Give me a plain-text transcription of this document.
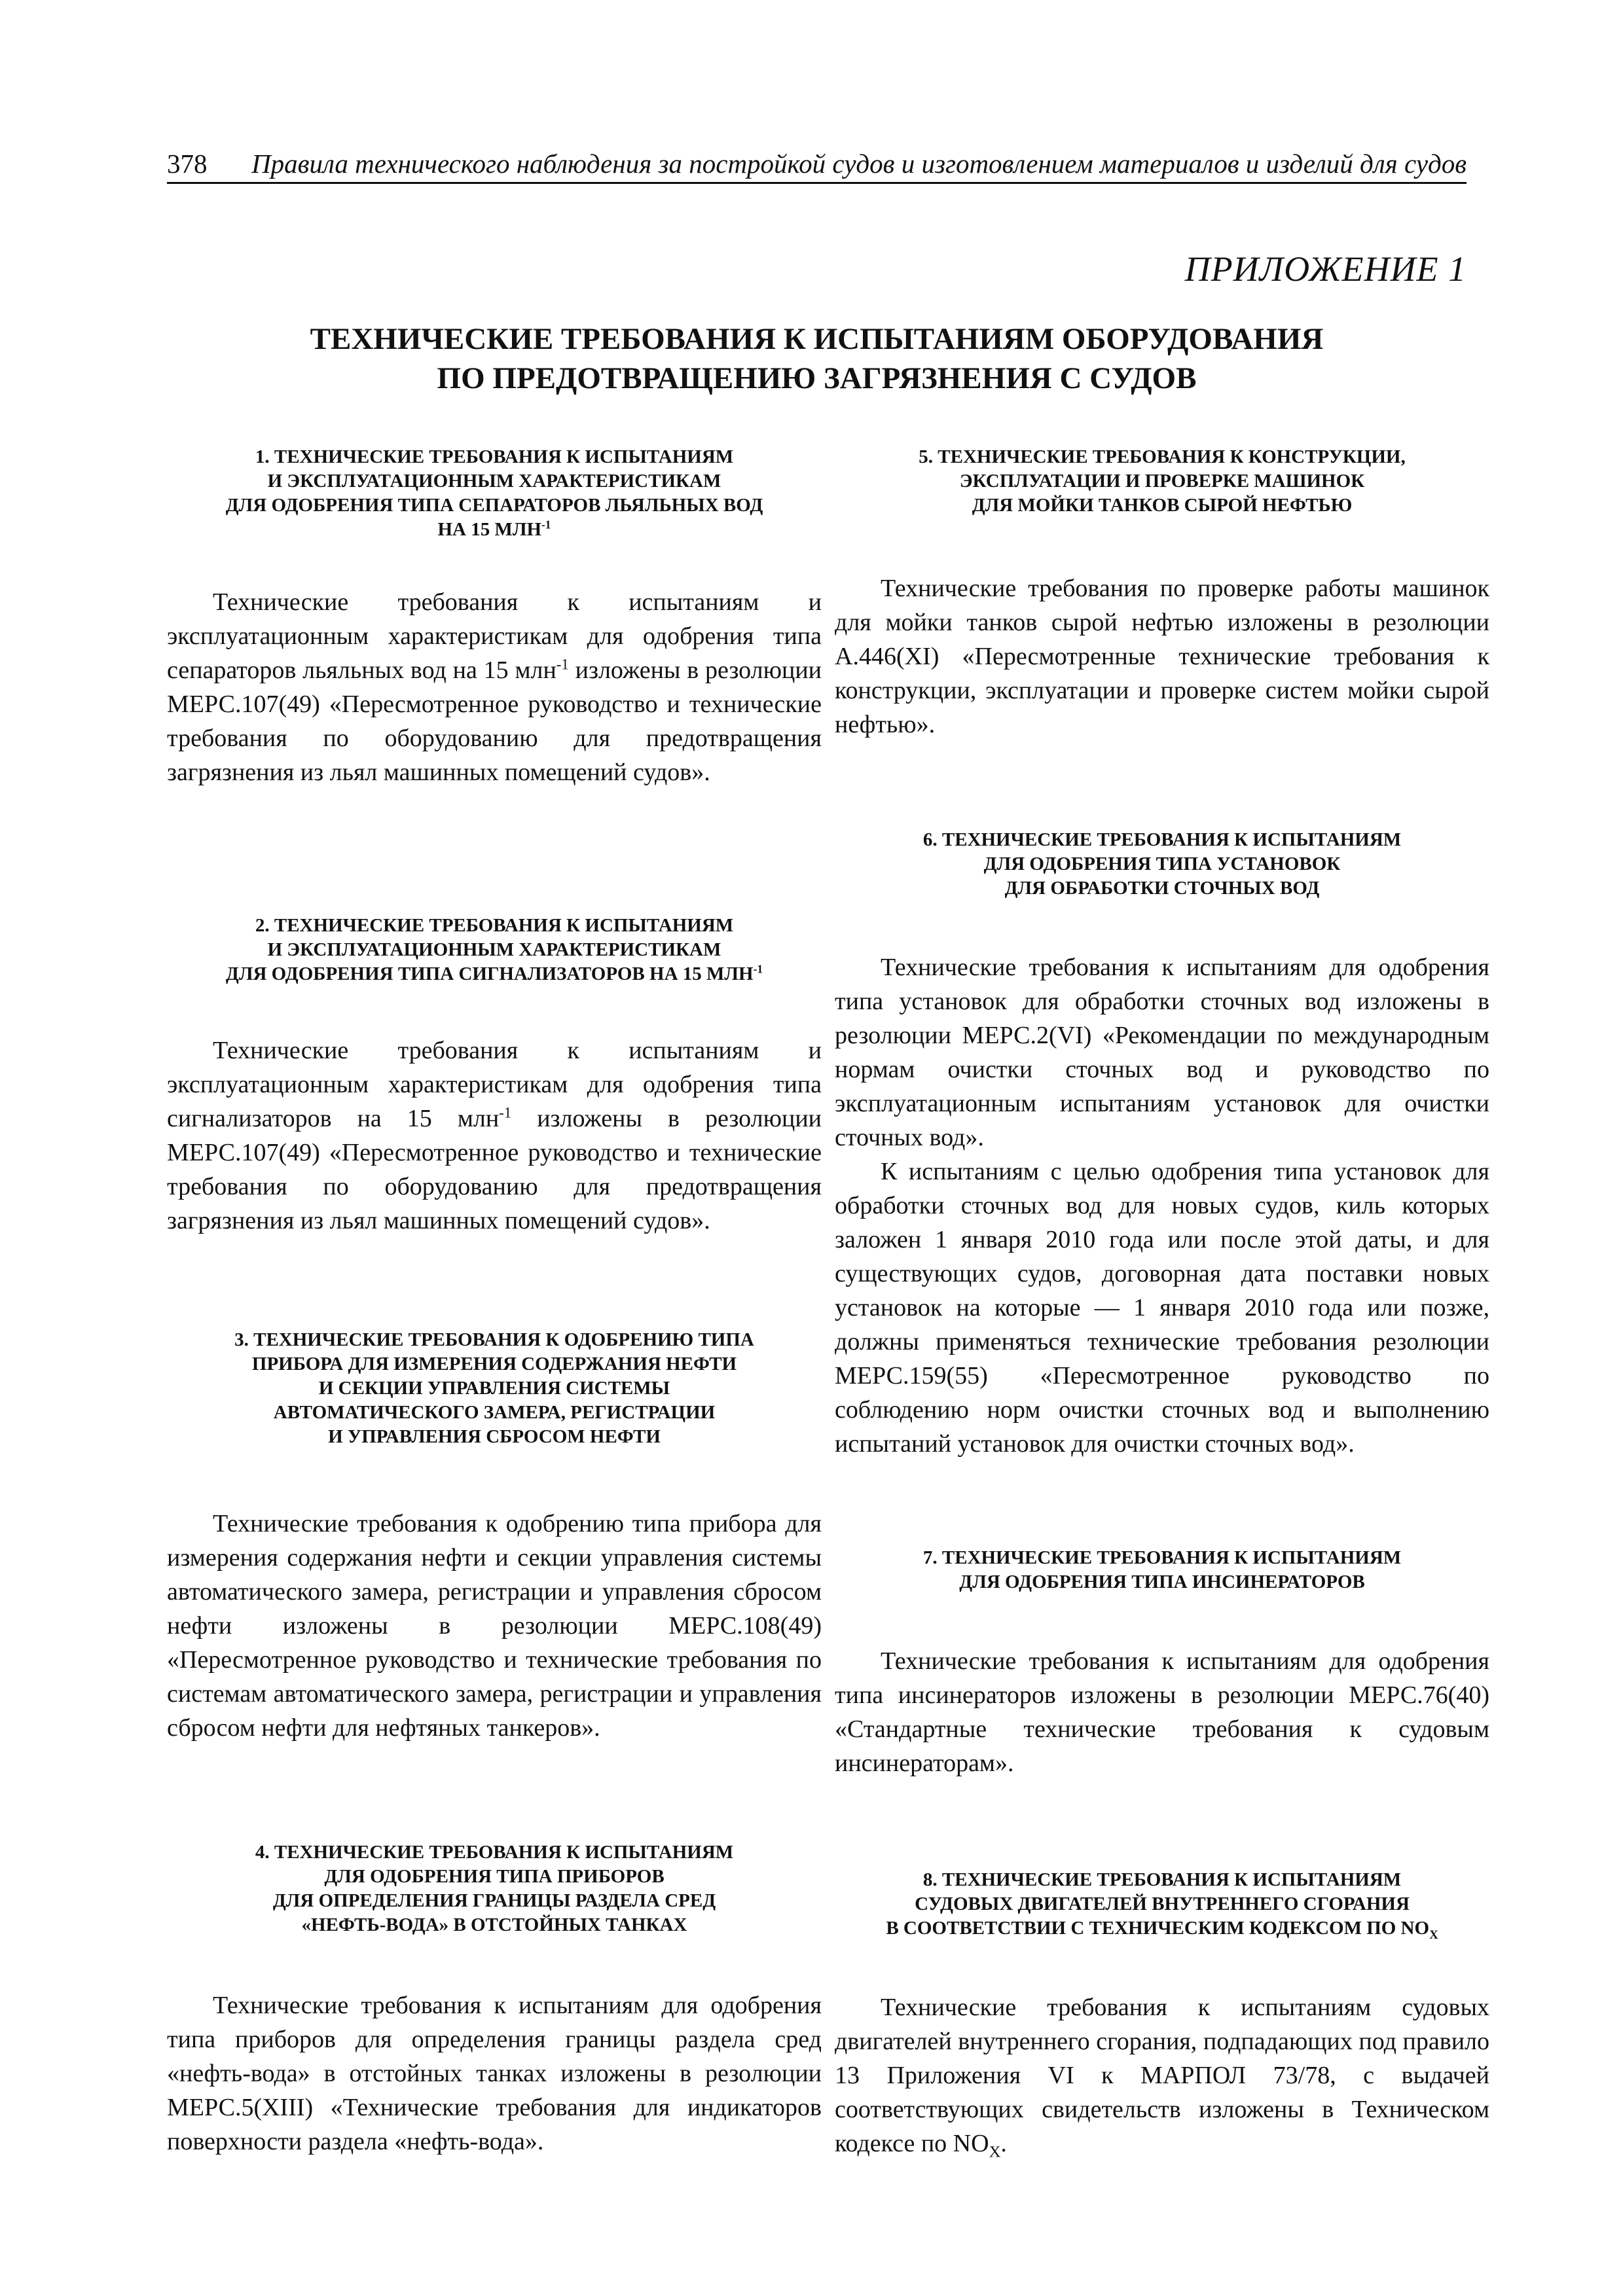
378 Правила технического наблюдения за постройкой судов и изготовлением материалов и изделий для судов
ПРИЛОЖЕНИЕ 1
ТЕХНИЧЕСКИЕ ТРЕБОВАНИЯ К ИСПЫТАНИЯМ ОБОРУДОВАНИЯ
ПО ПРЕДОТВРАЩЕНИЮ ЗАГРЯЗНЕНИЯ С СУДОВ

1. ТЕХНИЧЕСКИЕ ТРЕБОВАНИЯ К ИСПЫТАНИЯМ
И ЭКСПЛУАТАЦИОННЫМ ХАРАКТЕРИСТИКАМ
ДЛЯ ОДОБРЕНИЯ ТИПА СЕПАРАТОРОВ ЛЬЯЛЬНЫХ ВОД
НА 15 $МЛН^{-1}$

Технические требования к испытаниям и эксплуатационным характеристикам для одобрения типа сепараторов льяльных вод на 15 млн$^{-1}$ изложены в резолюции МЕРС.107(49) «Пересмотренное руководство и технические требования по оборудованию для предотвращения загрязнения из льял машинных помещений судов».

2. ТЕХНИЧЕСКИЕ ТРЕБОВАНИЯ К ИСПЫТАНИЯМ
И ЭКСПЛУАТАЦИОННЫМ ХАРАКТЕРИСТИКАМ
ДЛЯ ОДОБРЕНИЯ ТИПА СИГНАЛИЗАТОРОВ НА 15 $МЛН^{-1}$

Технические требования к испытаниям и эксплуатационным характеристикам для одобрения типа сигнализаторов на 15 млн$^{-1}$ изложены в резолюции МЕРС.107(49) «Пересмотренное руководство и технические требования по оборудованию для предотвращения загрязнения из льял машинных помещений судов».

3. ТЕХНИЧЕСКИЕ ТРЕБОВАНИЯ К ОДОБРЕНИЮ ТИПА
ПРИБОРА ДЛЯ ИЗМЕРЕНИЯ СОДЕРЖАНИЯ НЕФТИ
И СЕКЦИИ УПРАВЛЕНИЯ СИСТЕМЫ
АВТОМАТИЧЕСКОГО ЗАМЕРА, РЕГИСТРАЦИИ
И УПРАВЛЕНИЯ СБРОСОМ НЕФТИ

Технические требования к одобрению типа прибора для измерения содержания нефти и секции управления системы автоматического замера, регистрации и управления сбросом нефти изложены в резолюции МЕРС.108(49) «Пересмотренное руководство и технические требования по системам автоматического замера, регистрации и управления сбросом нефти для нефтяных танкеров».

4. ТЕХНИЧЕСКИЕ ТРЕБОВАНИЯ К ИСПЫТАНИЯМ
ДЛЯ ОДОБРЕНИЯ ТИПА ПРИБОРОВ
ДЛЯ ОПРЕДЕЛЕНИЯ ГРАНИЦЫ РАЗДЕЛА СРЕД
«НЕФТЬ-ВОДА» В ОТСТОЙНЫХ ТАНКАХ

Технические требования к испытаниям для одобрения типа приборов для определения границы раздела сред «нефть-вода» в отстойных танках изложены в резолюции МЕРС.5(XIII) «Технические требования для индикаторов поверхности раздела «нефть-вода».

5. ТЕХНИЧЕСКИЕ ТРЕБОВАНИЯ К КОНСТРУКЦИИ,
ЭКСПЛУАТАЦИИ И ПРОВЕРКЕ МАШИНОК
ДЛЯ МОЙКИ ТАНКОВ СЫРОЙ НЕФТЬЮ

Технические требования по проверке работы машинок для мойки танков сырой нефтью изложены в резолюции А.446(XI) «Пересмотренные технические требования к конструкции, эксплуатации и проверке систем мойки сырой нефтью».

6. ТЕХНИЧЕСКИЕ ТРЕБОВАНИЯ К ИСПЫТАНИЯМ
ДЛЯ ОДОБРЕНИЯ ТИПА УСТАНОВОК
ДЛЯ ОБРАБОТКИ СТОЧНЫХ ВОД

Технические требования к испытаниям для одобрения типа установок для обработки сточных вод изложены в резолюции МЕРС.2(VI) «Рекомендации по международным нормам очистки сточных вод и руководство по эксплуатационным испытаниям установок для очистки сточных вод».

К испытаниям с целью одобрения типа установок для обработки сточных вод для новых судов, киль которых заложен 1 января 2010 года или после этой даты, и для существующих судов, договорная дата поставки новых установок на которые — 1 января 2010 года или позже, должны применяться технические требования резолюции МЕРС.159(55) «Пересмотренное руководство по соблюдению норм очистки сточных вод и выполнению испытаний установок для очистки сточных вод».

7. ТЕХНИЧЕСКИЕ ТРЕБОВАНИЯ К ИСПЫТАНИЯМ
ДЛЯ ОДОБРЕНИЯ ТИПА ИНСИНЕРАТОРОВ

Технические требования к испытаниям для одобрения типа инсинераторов изложены в резолюции МЕРС.76(40) «Стандартные технические требования к судовым инсинераторам».

8. ТЕХНИЧЕСКИЕ ТРЕБОВАНИЯ К ИСПЫТАНИЯМ
СУДОВЫХ ДВИГАТЕЛЕЙ ВНУТРЕННЕГО СГОРАНИЯ
В СООТВЕТСТВИИ С ТЕХНИЧЕСКИМ КОДЕКСОМ ПО $NO_X$

Технические требования к испытаниям судовых двигателей внутреннего сгорания, подпадающих под правило 13 Приложения VI к МАРПОЛ 73/78, с выдачей соответствующих свидетельств изложены в Техническом кодексе по $NO_X$.
